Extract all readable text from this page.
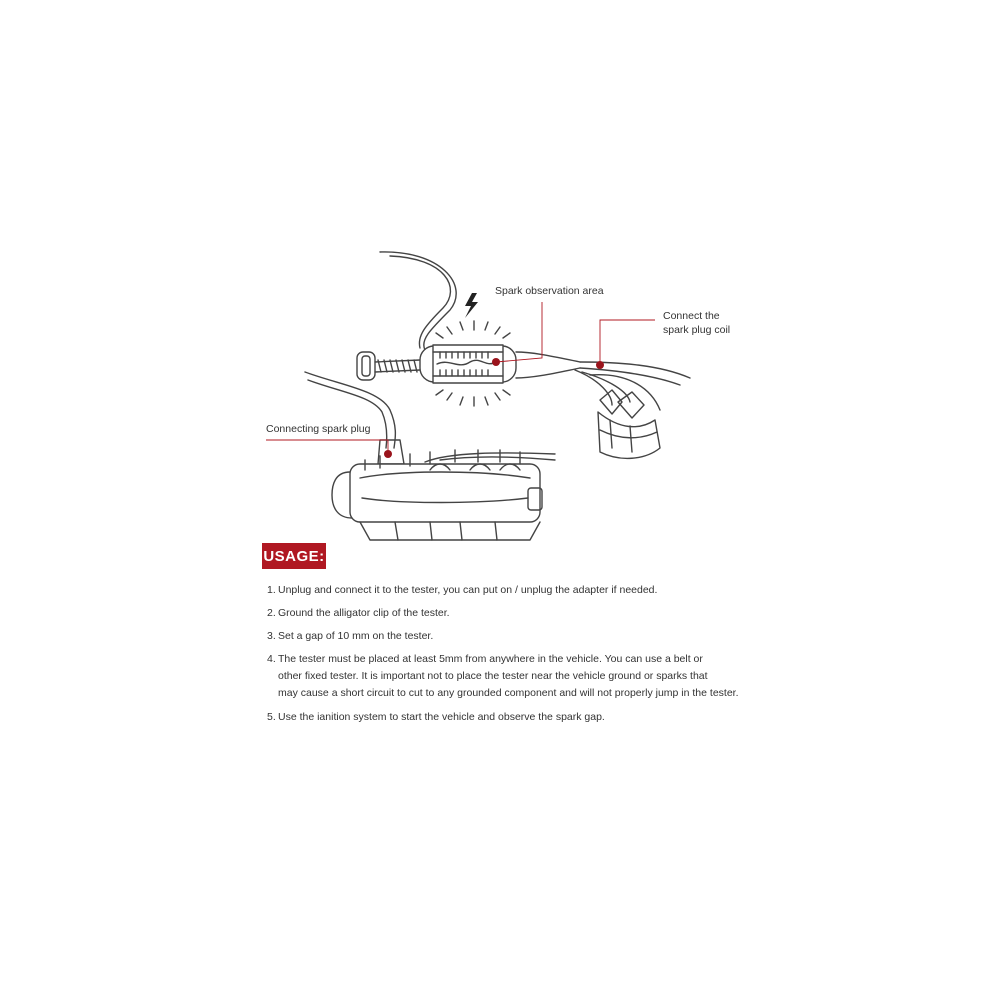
Spark observation area
Connect the
spark plug coil
Connecting spark plug
USAGE:
1. Unplug and connect it to the tester, you can put on / unplug the adapter if needed.
2. Ground the alligator clip of the tester.
3. Set a gap of 10 mm on the tester.
4. The tester must be placed at least 5mm from anywhere in the vehicle. You can use a belt or
other fixed tester. It is important not to place the tester near the vehicle ground or sparks that
may cause a short circuit to cut to any grounded component and will not properly jump in the tester.
5. Use the ianition system to start the vehicle and observe the spark gap.
